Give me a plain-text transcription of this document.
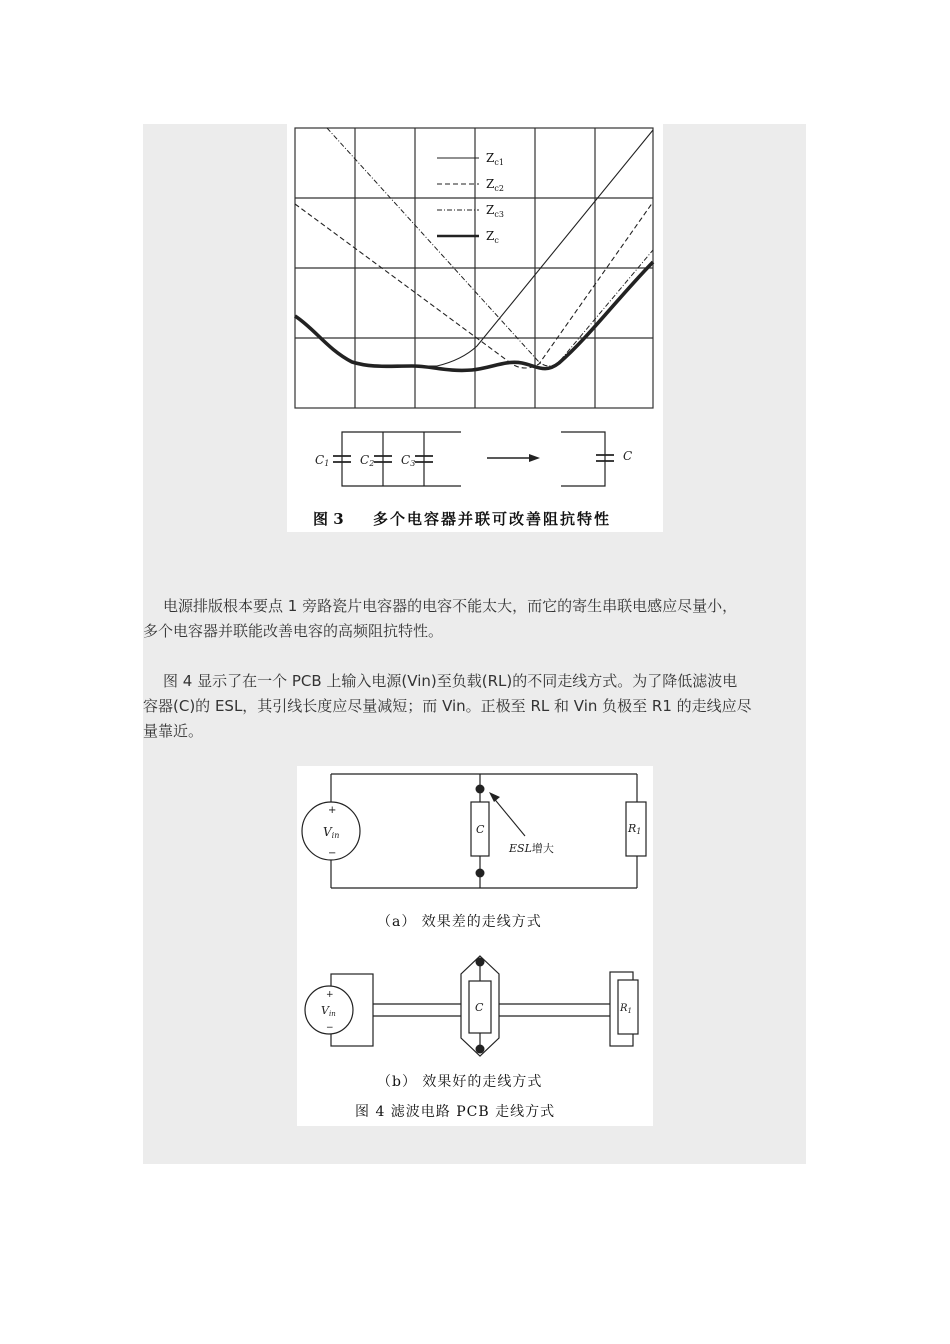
$Z_{c1}$
$Z_{c2}$
$Z_{c3}$
$Z_c$
C1	C2 C3
C
图 3 多个电容器并联可改善阻抗特性
电源排版根本要点 1 旁路瓷片电容器的电容不能太大，而它的寄生串联电感应尽量小，
多个电容器并联能改善电容的高频阻抗特性。
图 4 显示了在一个 PCB 上输入电源(Vin)至负载(RL)的不同走线方式。为了降低滤波电
容器(C)的 ESL，其引线长度应尽量减短；而 Vin。正极至 RL 和 Vin 负极至 R1 的走线应尽
量靠近。
+
−
Vin	C	R1
ESL增大
（a） 效果差的走线方式
C
+
−
Vin	$R_1$
（b） 效果好的走线方式
图 4 滤波电路 PCB 走线方式
